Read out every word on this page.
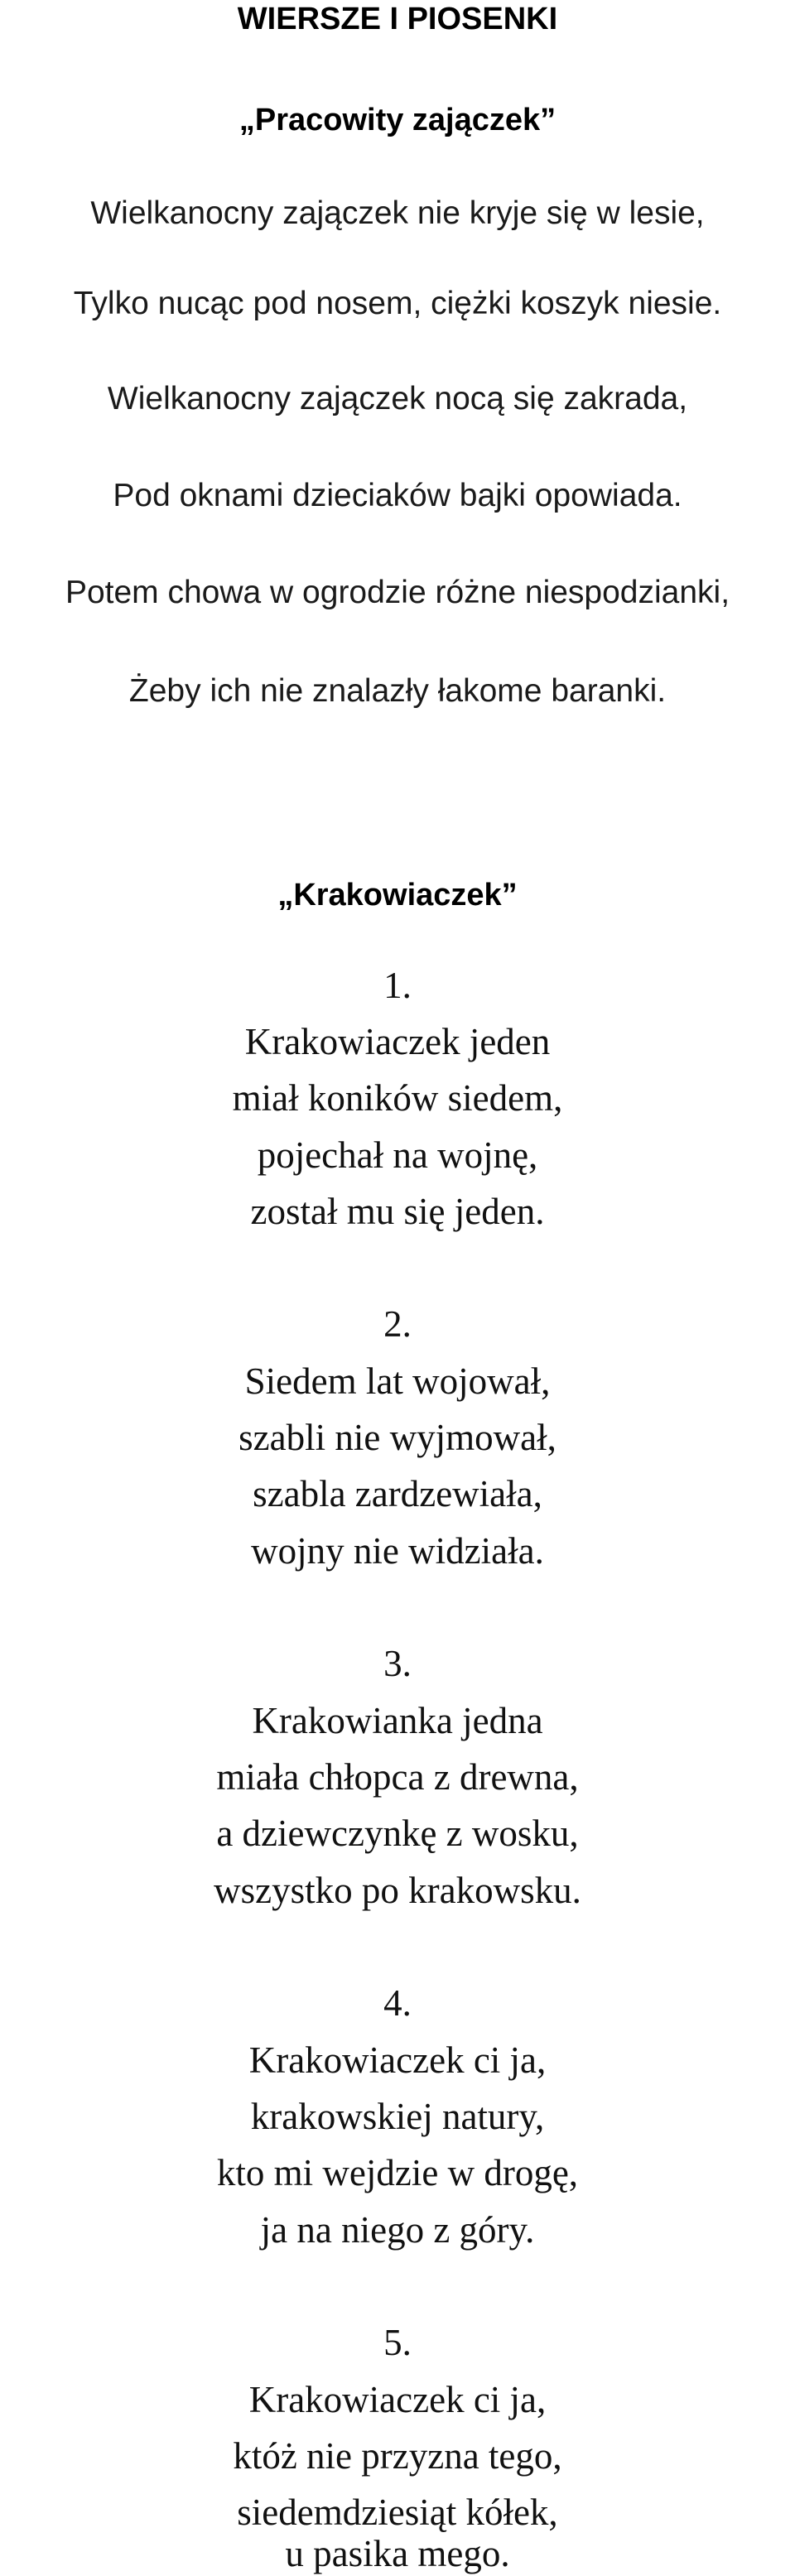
WIERSZE I PIOSENKI
„Pracowity zajączek”
Wielkanocny zajączek nie kryje się w lesie,
Tylko nucąc pod nosem, ciężki koszyk niesie.
Wielkanocny zajączek nocą się zakrada,
Pod oknami dzieciaków bajki opowiada.
Potem chowa w ogrodzie różne niespodzianki,
Żeby ich nie znalazły łakome baranki.
„Krakowiaczek”
1.
Krakowiaczek jeden
miał koników siedem,
pojechał na wojnę,
został mu się jeden.
2.
Siedem lat wojował,
szabli nie wyjmował,
szabla zardzewiała,
wojny nie widziała.
3.
Krakowianka jedna
miała chłopca z drewna,
a dziewczynkę z wosku,
wszystko po krakowsku.
4.
Krakowiaczek ci ja,
krakowskiej natury,
kto mi wejdzie w drogę,
ja na niego z góry.
5.
Krakowiaczek ci ja,
któż nie przyzna tego,
siedemdziesiąt kółek,
u pasika mego.
